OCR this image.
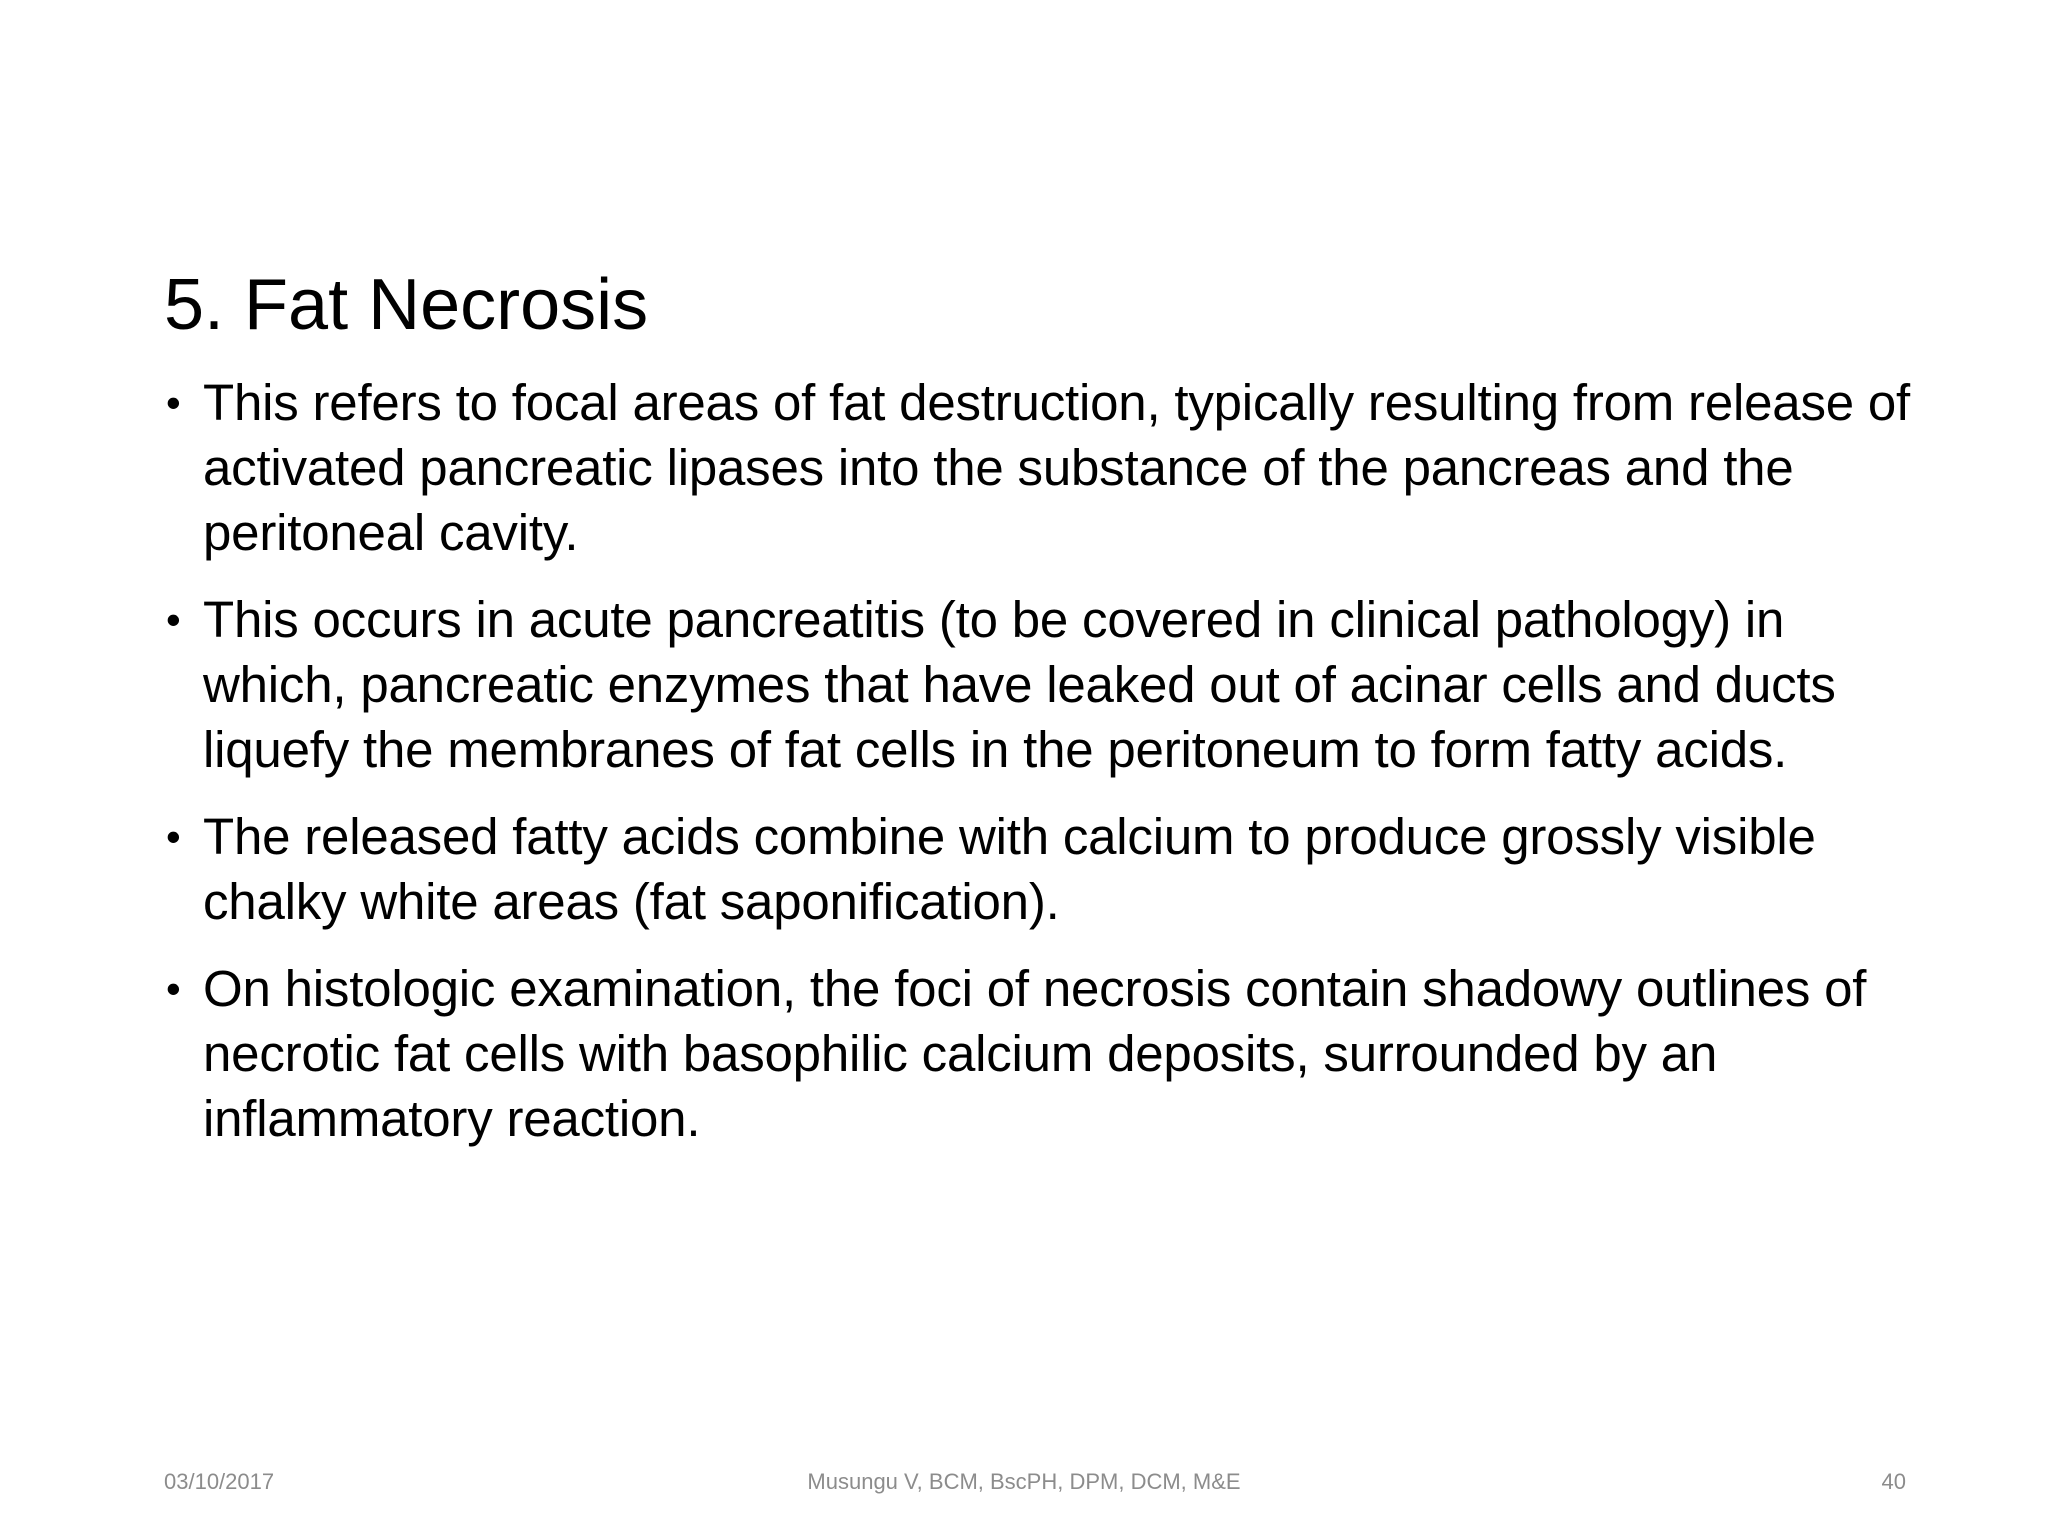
5. Fat Necrosis
• This refers to focal areas of fat destruction, typically resulting from release of activated pancreatic lipases into the substance of the pancreas and the peritoneal cavity.
• This occurs in acute pancreatitis (to be covered in clinical pathology) in which, pancreatic enzymes that have leaked out of acinar cells and ducts liquefy the membranes of fat cells in the peritoneum to form fatty acids.
• The released fatty acids combine with calcium to produce grossly visible chalky white areas (fat saponification).
• On histologic examination, the foci of necrosis contain shadowy outlines of necrotic fat cells with basophilic calcium deposits, surrounded by an inflammatory reaction.
03/10/2017	Musungu V, BCM, BscPH, DPM, DCM, M&E	40
